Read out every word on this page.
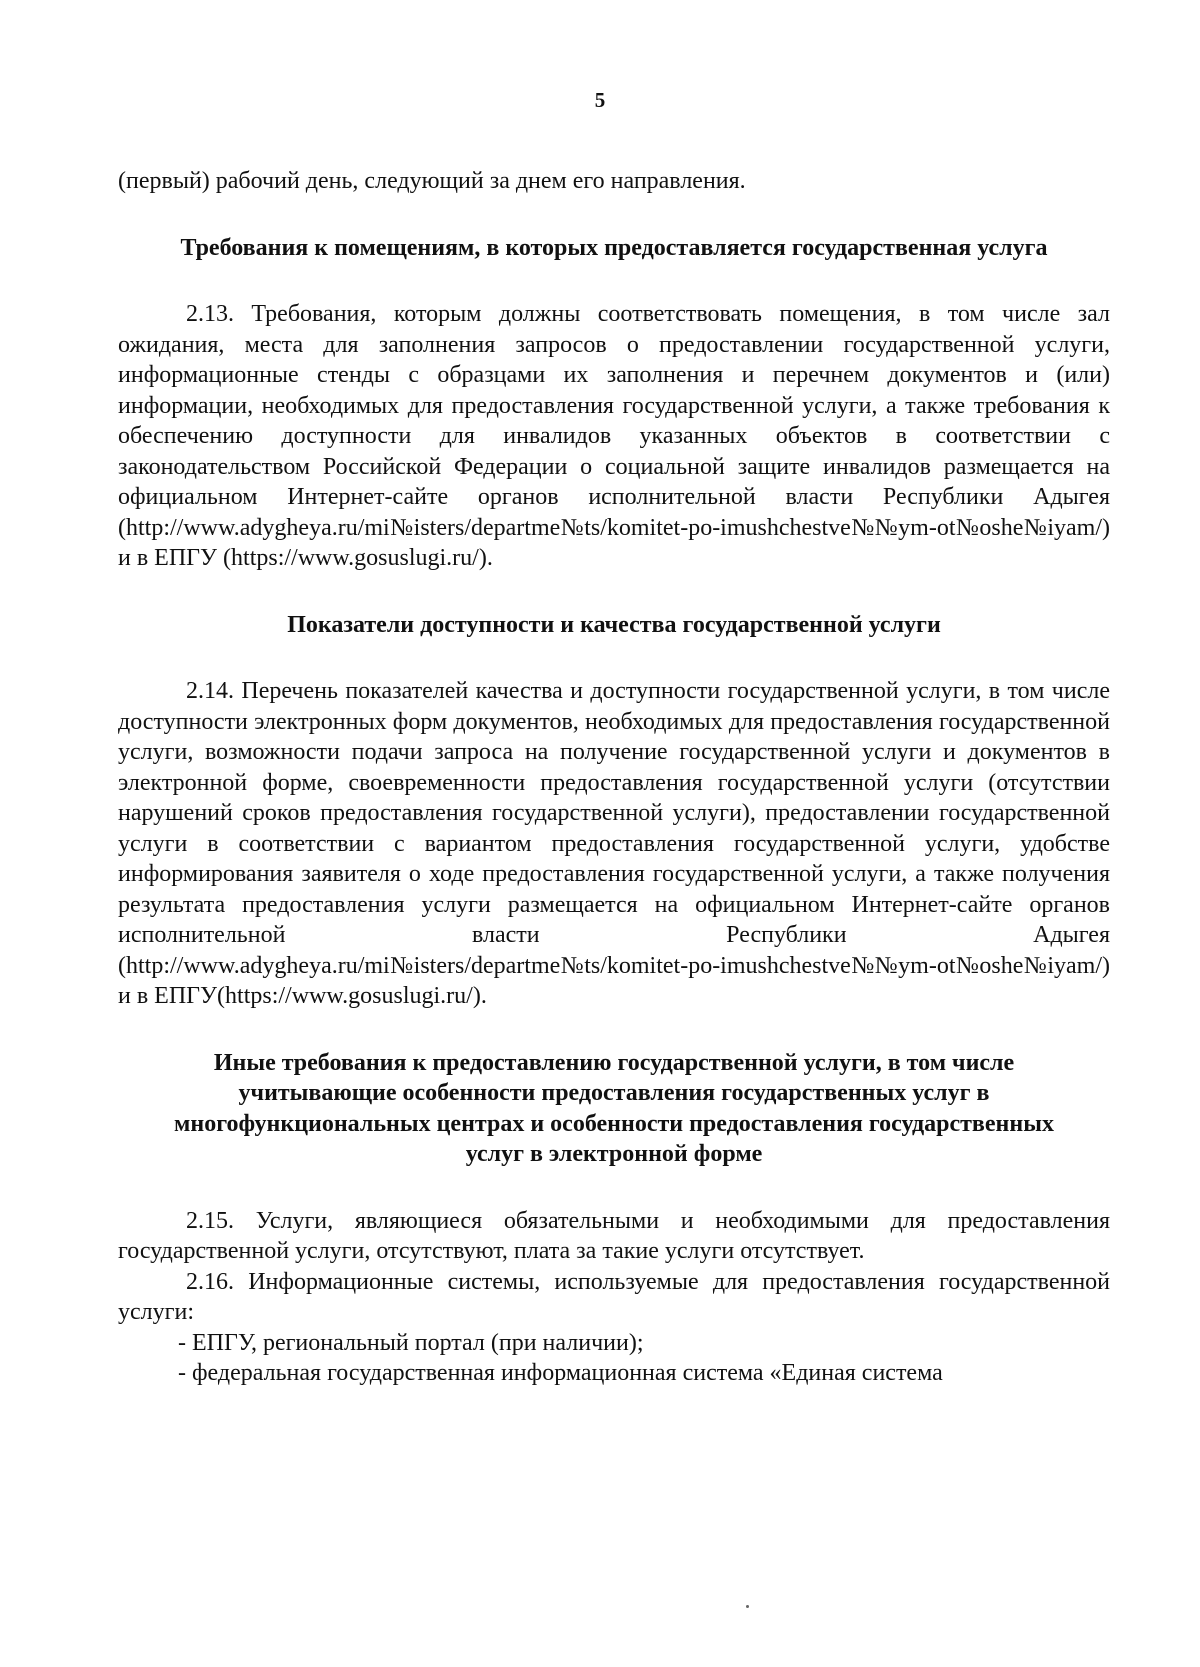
5

(первый) рабочий день, следующий за днем его направления.

Требования к помещениям, в которых предоставляется государственная услуга

2.13. Требования, которым должны соответствовать помещения, в том числе зал ожидания, места для заполнения запросов о предоставлении государственной услуги, информационные стенды с образцами их заполнения и перечнем документов и (или) информации, необходимых для предоставления государственной услуги, а также требования к обеспечению доступности для инвалидов указанных объектов в соответствии с законодательством Российской Федерации о социальной защите инвалидов размещается на официальном Интернет-сайте органов исполнительной власти Республики Адыгея (http://www.adygheya.ru/mi№isters/departme№ts/komitet-po-imushchestve№№ym-ot№oshe№iyam/) и в ЕПГУ (https://www.gosuslugi.ru/).

Показатели доступности и качества государственной услуги

2.14. Перечень показателей качества и доступности государственной услуги, в том числе доступности электронных форм документов, необходимых для предоставления государственной услуги, возможности подачи запроса на получение государственной услуги и документов в электронной форме, своевременности предоставления государственной услуги (отсутствии нарушений сроков предоставления государственной услуги), предоставлении государственной услуги в соответствии с вариантом предоставления государственной услуги, удобстве информирования заявителя о ходе предоставления государственной услуги, а также получения результата предоставления услуги размещается на официальном Интернет-сайте органов исполнительной власти Республики Адыгея (http://www.adygheya.ru/mi№isters/departme№ts/komitet-po-imushchestve№№ym-ot№oshe№iyam/) и в ЕПГУ(https://www.gosuslugi.ru/).

Иные требования к предоставлению государственной услуги, в том числе учитывающие особенности предоставления государственных услуг в многофункциональных центрах и особенности предоставления государственных услуг в электронной форме

2.15. Услуги, являющиеся обязательными и необходимыми для предоставления государственной услуги, отсутствуют, плата за такие услуги отсутствует.

2.16. Информационные системы, используемые для предоставления государственной услуги:

- ЕПГУ, региональный портал (при наличии);

- федеральная государственная информационная система «Единая система
